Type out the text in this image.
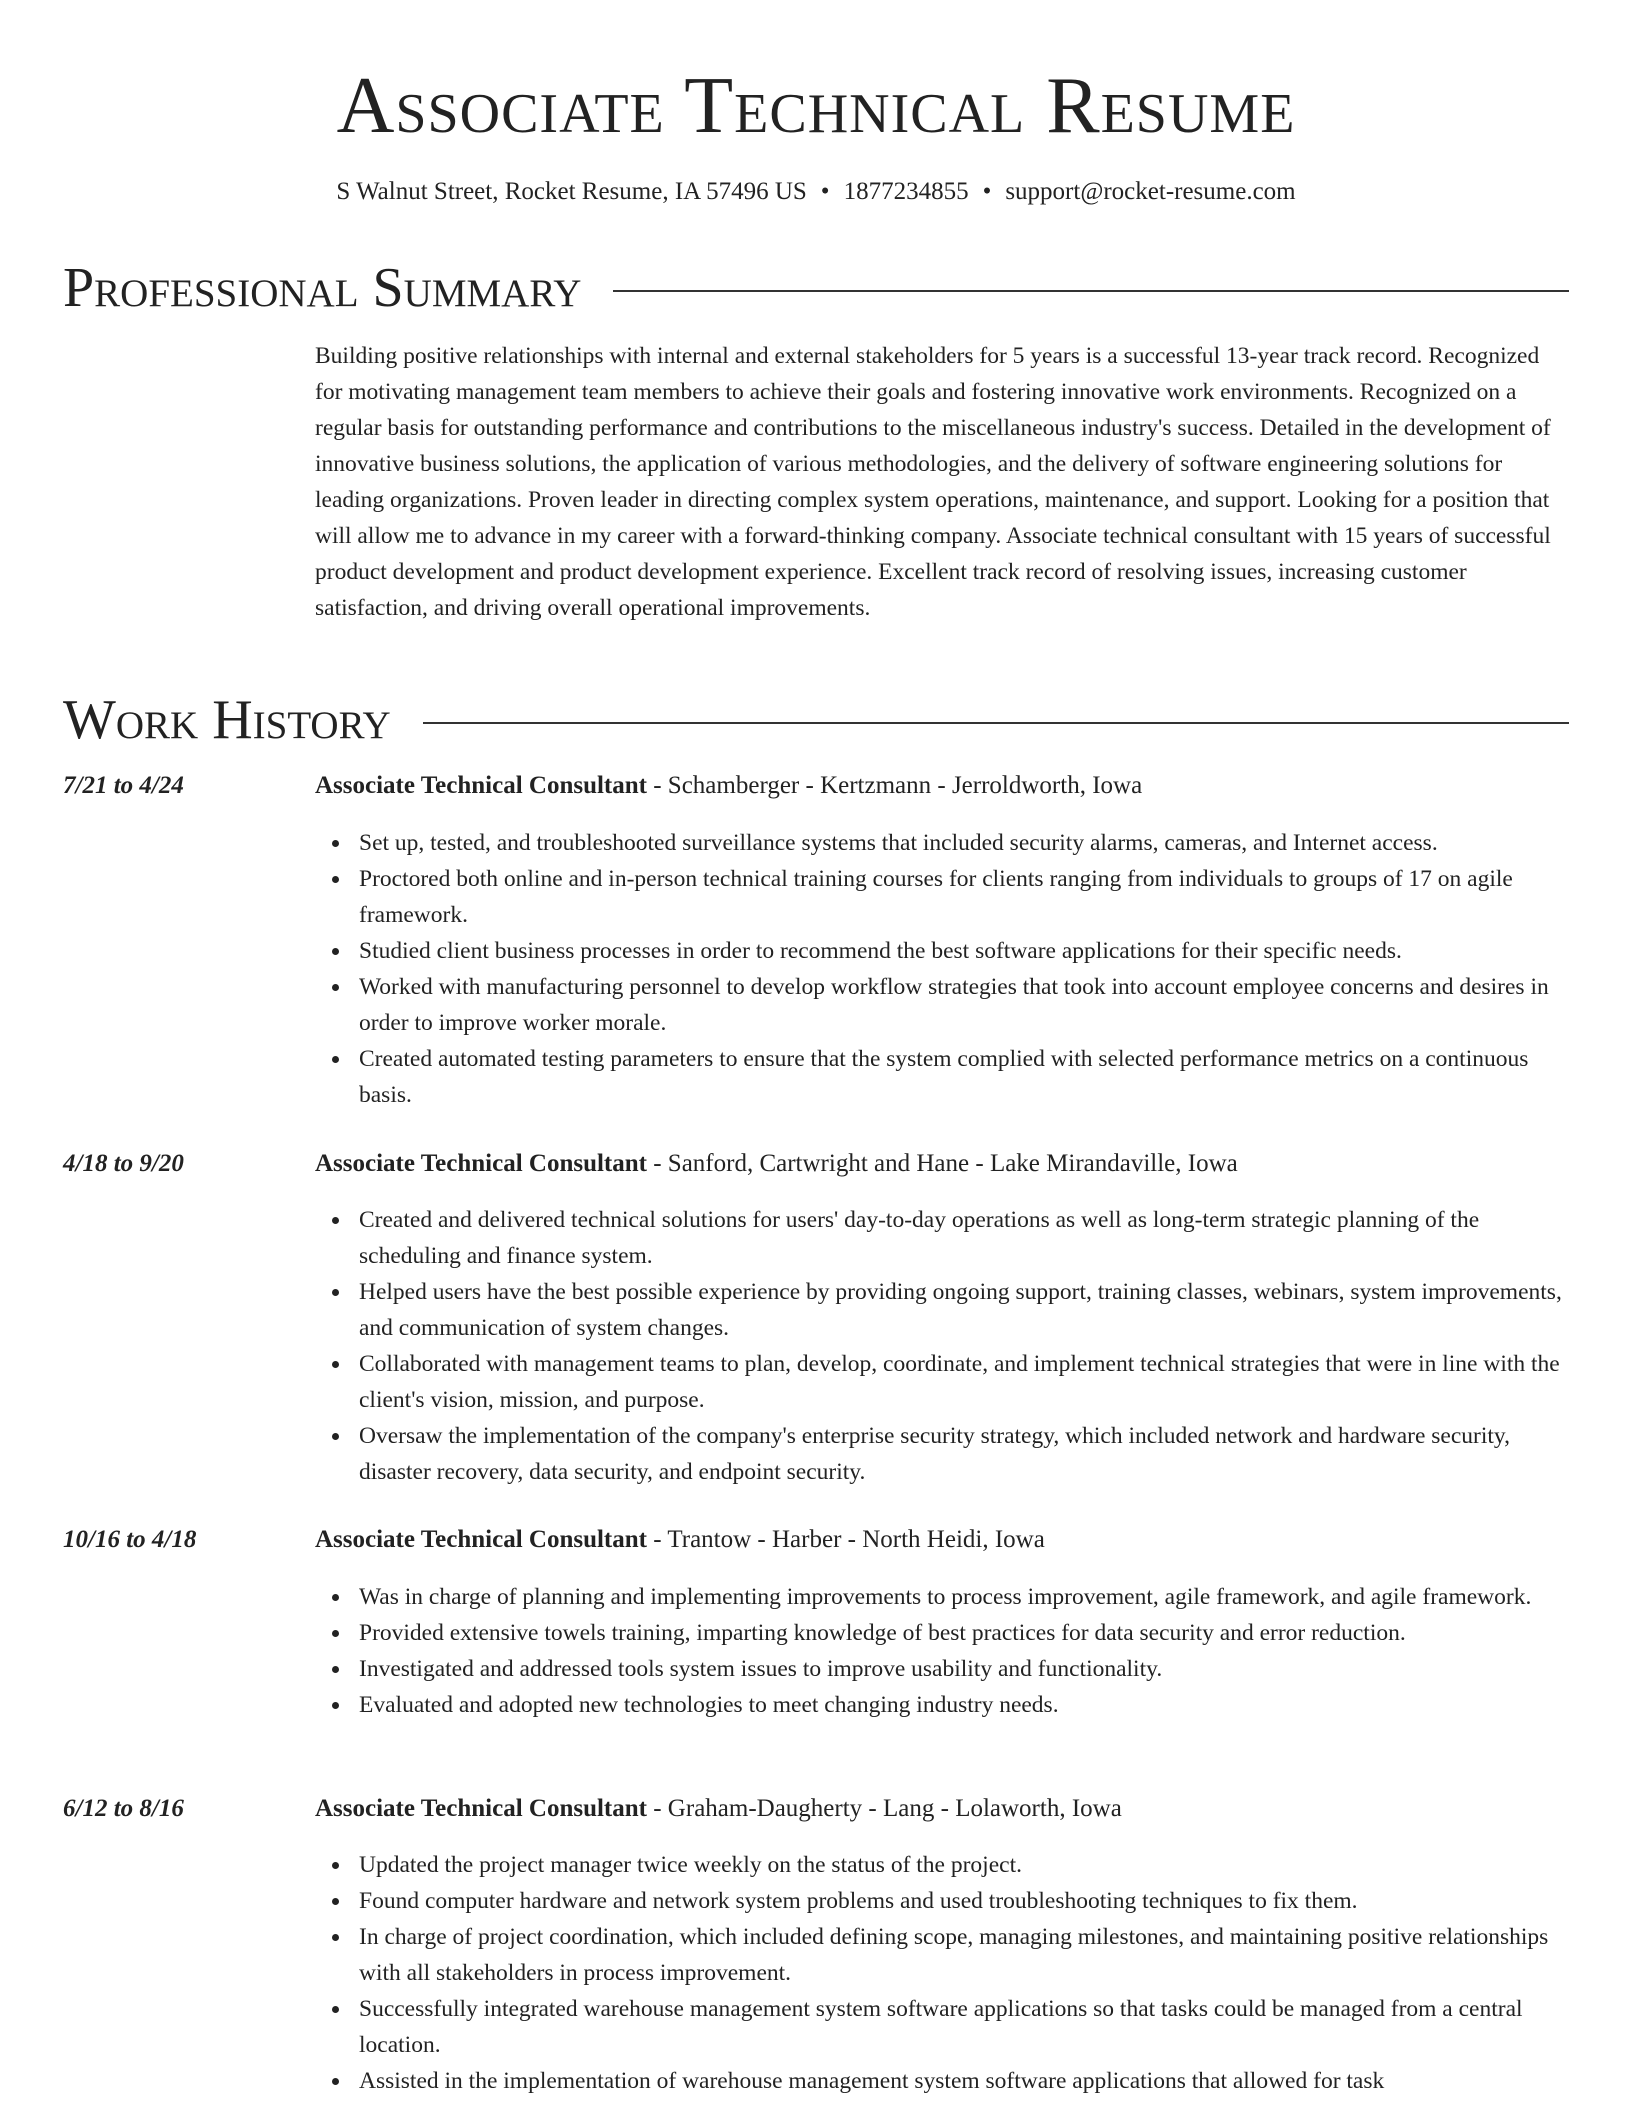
Associate Technical Resume
S Walnut Street, Rocket Resume, IA 57496 US • 1877234855 • support@rocket-resume.com
Professional Summary
Building positive relationships with internal and external stakeholders for 5 years is a successful 13-year track record. Recognized for motivating management team members to achieve their goals and fostering innovative work environments. Recognized on a regular basis for outstanding performance and contributions to the miscellaneous industry's success. Detailed in the development of innovative business solutions, the application of various methodologies, and the delivery of software engineering solutions for leading organizations. Proven leader in directing complex system operations, maintenance, and support. Looking for a position that will allow me to advance in my career with a forward-thinking company. Associate technical consultant with 15 years of successful product development and product development experience. Excellent track record of resolving issues, increasing customer satisfaction, and driving overall operational improvements.
Work History
7/21 to 4/24	Associate Technical Consultant - Schamberger - Kertzmann - Jerroldworth, Iowa
Set up, tested, and troubleshooted surveillance systems that included security alarms, cameras, and Internet access.
Proctored both online and in-person technical training courses for clients ranging from individuals to groups of 17 on agile framework.
Studied client business processes in order to recommend the best software applications for their specific needs.
Worked with manufacturing personnel to develop workflow strategies that took into account employee concerns and desires in order to improve worker morale.
Created automated testing parameters to ensure that the system complied with selected performance metrics on a continuous basis.
4/18 to 9/20	Associate Technical Consultant - Sanford, Cartwright and Hane - Lake Mirandaville, Iowa
Created and delivered technical solutions for users' day-to-day operations as well as long-term strategic planning of the scheduling and finance system.
Helped users have the best possible experience by providing ongoing support, training classes, webinars, system improvements, and communication of system changes.
Collaborated with management teams to plan, develop, coordinate, and implement technical strategies that were in line with the client's vision, mission, and purpose.
Oversaw the implementation of the company's enterprise security strategy, which included network and hardware security, disaster recovery, data security, and endpoint security.
10/16 to 4/18	Associate Technical Consultant - Trantow - Harber - North Heidi, Iowa
Was in charge of planning and implementing improvements to process improvement, agile framework, and agile framework.
Provided extensive towels training, imparting knowledge of best practices for data security and error reduction.
Investigated and addressed tools system issues to improve usability and functionality.
Evaluated and adopted new technologies to meet changing industry needs.
6/12 to 8/16	Associate Technical Consultant - Graham-Daugherty - Lang - Lolaworth, Iowa
Updated the project manager twice weekly on the status of the project.
Found computer hardware and network system problems and used troubleshooting techniques to fix them.
In charge of project coordination, which included defining scope, managing milestones, and maintaining positive relationships with all stakeholders in process improvement.
Successfully integrated warehouse management system software applications so that tasks could be managed from a central location.
Assisted in the implementation of warehouse management system software applications that allowed for task
